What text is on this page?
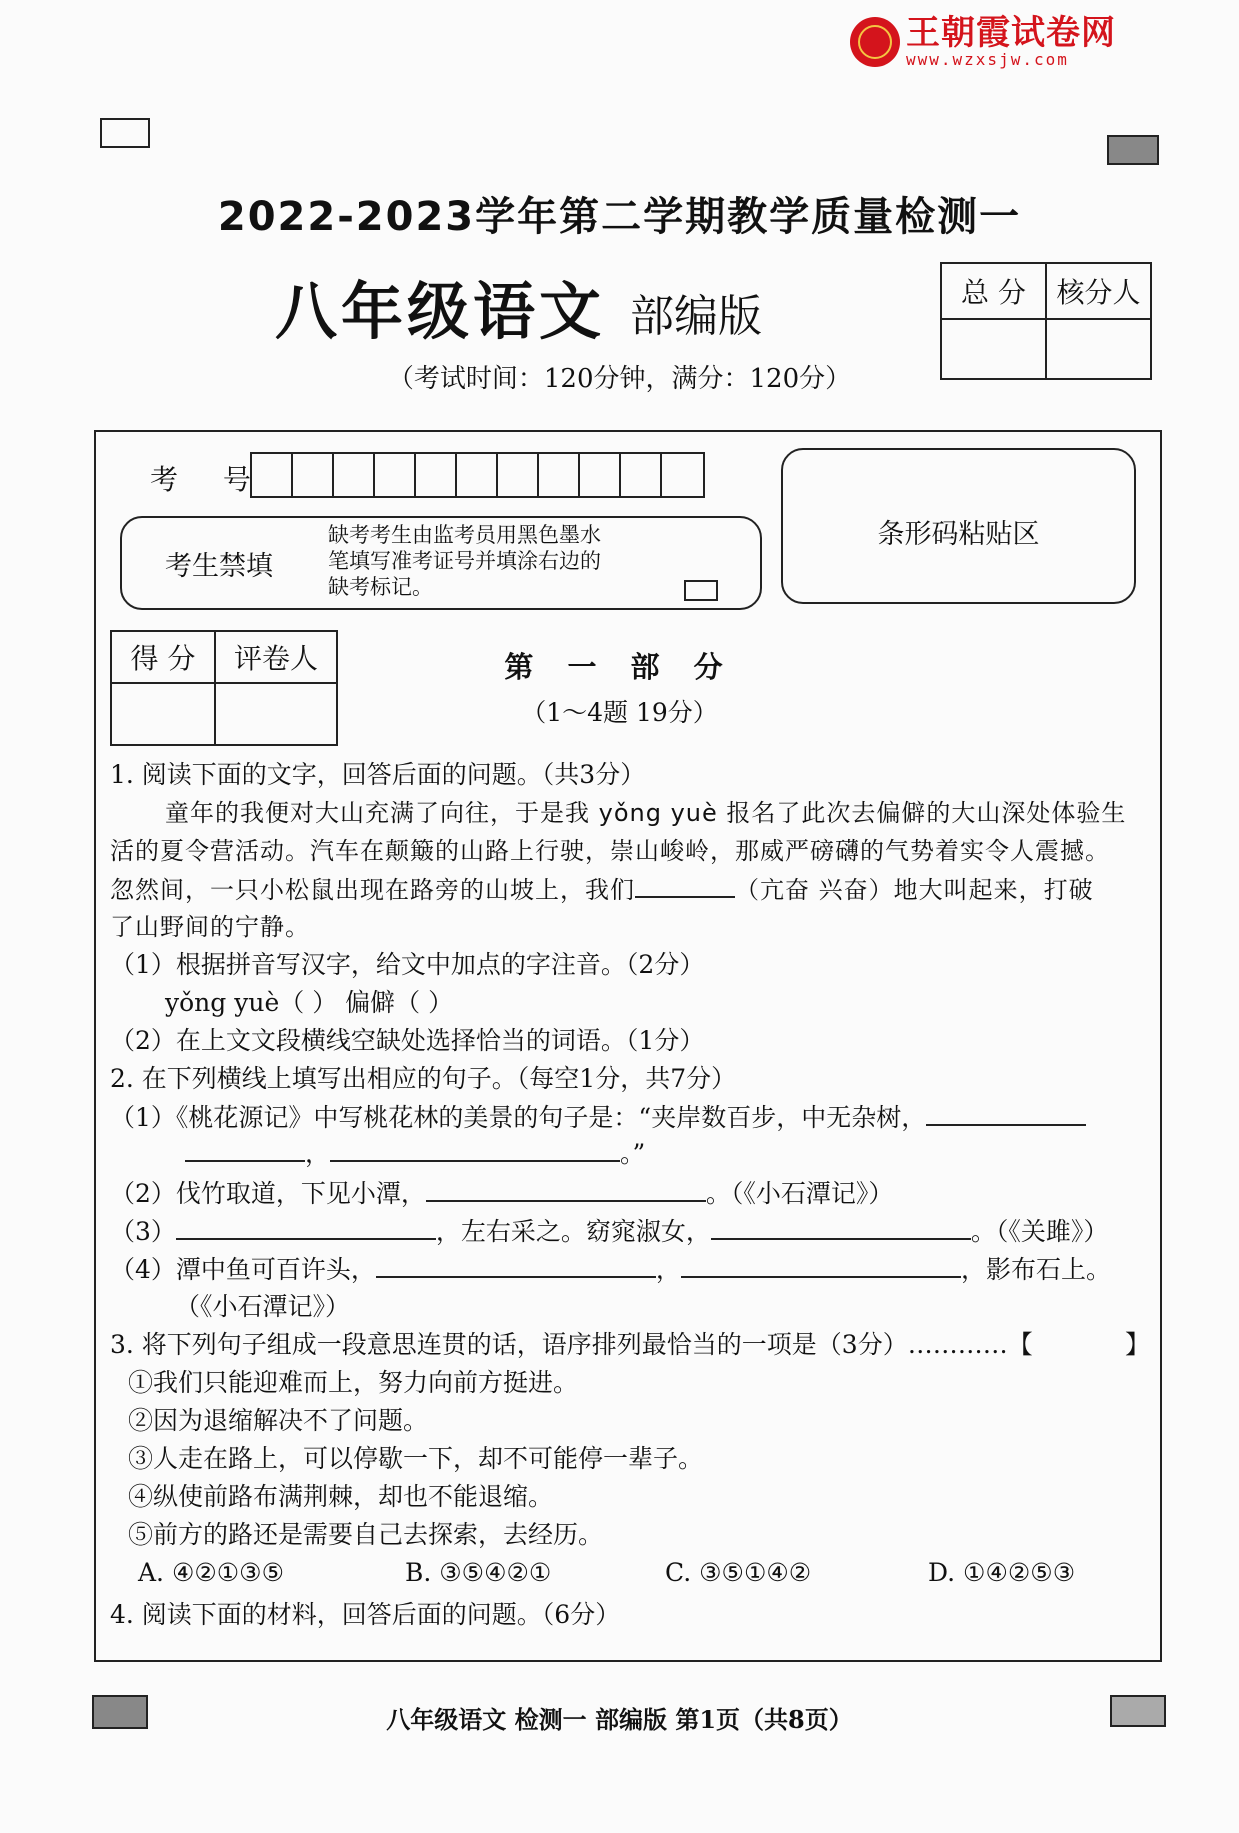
王朝霞试卷网
www.wzxsjw.com
2022-2023学年第二学期教学质量检测一
八年级语文 部编版	总 分	核分人

（考试时间：120分钟，满分：120分）
考 号
条形码粘贴区
考生禁填
缺考考生由监考员用黑色墨水
笔填写准考证号并填涂右边的
缺考标记。
得 分	评卷人
		第 一 部 分
（1～4题 19分）
1. 阅读下面的文字，回答后面的问题。（共3分）
童年的我便对大山充满了向往，于是我 yǒng yuè 报名了此次去偏僻的大山深处体验生
活的夏令营活动。汽车在颠簸的山路上行驶，崇山峻岭，那威严磅礴的气势着实令人震撼。
忽然间，一只小松鼠出现在路旁的山坡上，我们	（亢奋 兴奋）地大叫起来，打破
了山野间的宁静。
（1）根据拼音写汉字，给文中加点的字注音。（2分）
yǒng yuè（ ） 偏僻（ ）
（2）在上文文段横线空缺处选择恰当的词语。（1分）
2. 在下列横线上填写出相应的句子。（每空1分，共7分）
（1）《桃花源记》中写桃花林的美景的句子是：“夹岸数百步，中无杂树，
，	。”
（2）伐竹取道，下见小潭，	。（《小石潭记》）
（3）	，左右采之。窈窕淑女，	。（《关雎》）
（4）潭中鱼可百许头，	，	，影布石上。
（《小石潭记》）
3. 将下列句子组成一段意思连贯的话，语序排列最恰当的一项是（3分）…………【	】
①我们只能迎难而上，努力向前方挺进。
②因为退缩解决不了问题。
③人走在路上，可以停歇一下，却不可能停一辈子。
④纵使前路布满荆棘，却也不能退缩。
⑤前方的路还是需要自己去探索，去经历。
A. ④②①③⑤	B. ③⑤④②①	C. ③⑤①④②	D. ①④②⑤③
4. 阅读下面的材料，回答后面的问题。（6分）
八年级语文 检测一 部编版 第1页（共8页）
